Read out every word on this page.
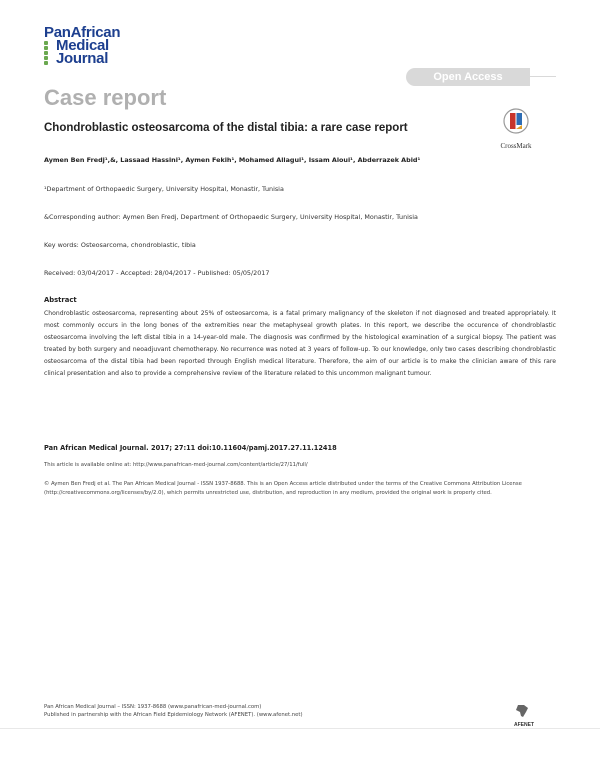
PanAfrican
Medical
Journal
Open Access
Case report
Chondroblastic osteosarcoma of the distal tibia: a rare case report
CrossMark
Aymen Ben Fredj¹,&, Lassaad Hassini¹, Aymen Fekih¹, Mohamed Allagui¹, Issam Aloui¹, Abderrazek Abid¹
¹Department of Orthopaedic Surgery, University Hospital, Monastir, Tunisia
&Corresponding author: Aymen Ben Fredj, Department of Orthopaedic Surgery, University Hospital, Monastir, Tunisia
Key words: Osteosarcoma, chondroblastic, tibia
Received: 03/04/2017 - Accepted: 28/04/2017 - Published: 05/05/2017
Abstract
Chondroblastic osteosarcoma, representing about 25% of osteosarcoma, is a fatal primary malignancy of the skeleton if not diagnosed and treated appropriately. It most commonly occurs in the long bones of the extremities near the metaphyseal growth plates. In this report, we describe the occurence of chondroblastic osteosarcoma involving the left distal tibia in a 14-year-old male. The diagnosis was confirmed by the histological examination of a surgical biopsy. The patient was treated by both surgery and neoadjuvant chemotherapy. No recurrence was noted at 3 years of follow-up. To our knowledge, only two cases describing chondroblastic osteosarcoma of the distal tibia had been reported through English medical literature. Therefore, the aim of our article is to make the clinician aware of this rare clinical presentation and also to provide a comprehensive review of the literature related to this uncommon malignant tumour.
Pan African Medical Journal. 2017; 27:11 doi:10.11604/pamj.2017.27.11.12418
This article is available online at: http://www.panafrican-med-journal.com/content/article/27/11/full/
© Aymen Ben Fredj et al. The Pan African Medical Journal - ISSN 1937-8688. This is an Open Access article distributed under the terms of the Creative Commons Attribution License (http://creativecommons.org/licenses/by/2.0), which permits unrestricted use, distribution, and reproduction in any medium, provided the original work is properly cited.
Pan African Medical Journal – ISSN: 1937-8688 (www.panafrican-med-journal.com)
Published in partnership with the African Field Epidemiology Network (AFENET). (www.afenet.net)
AFENET
